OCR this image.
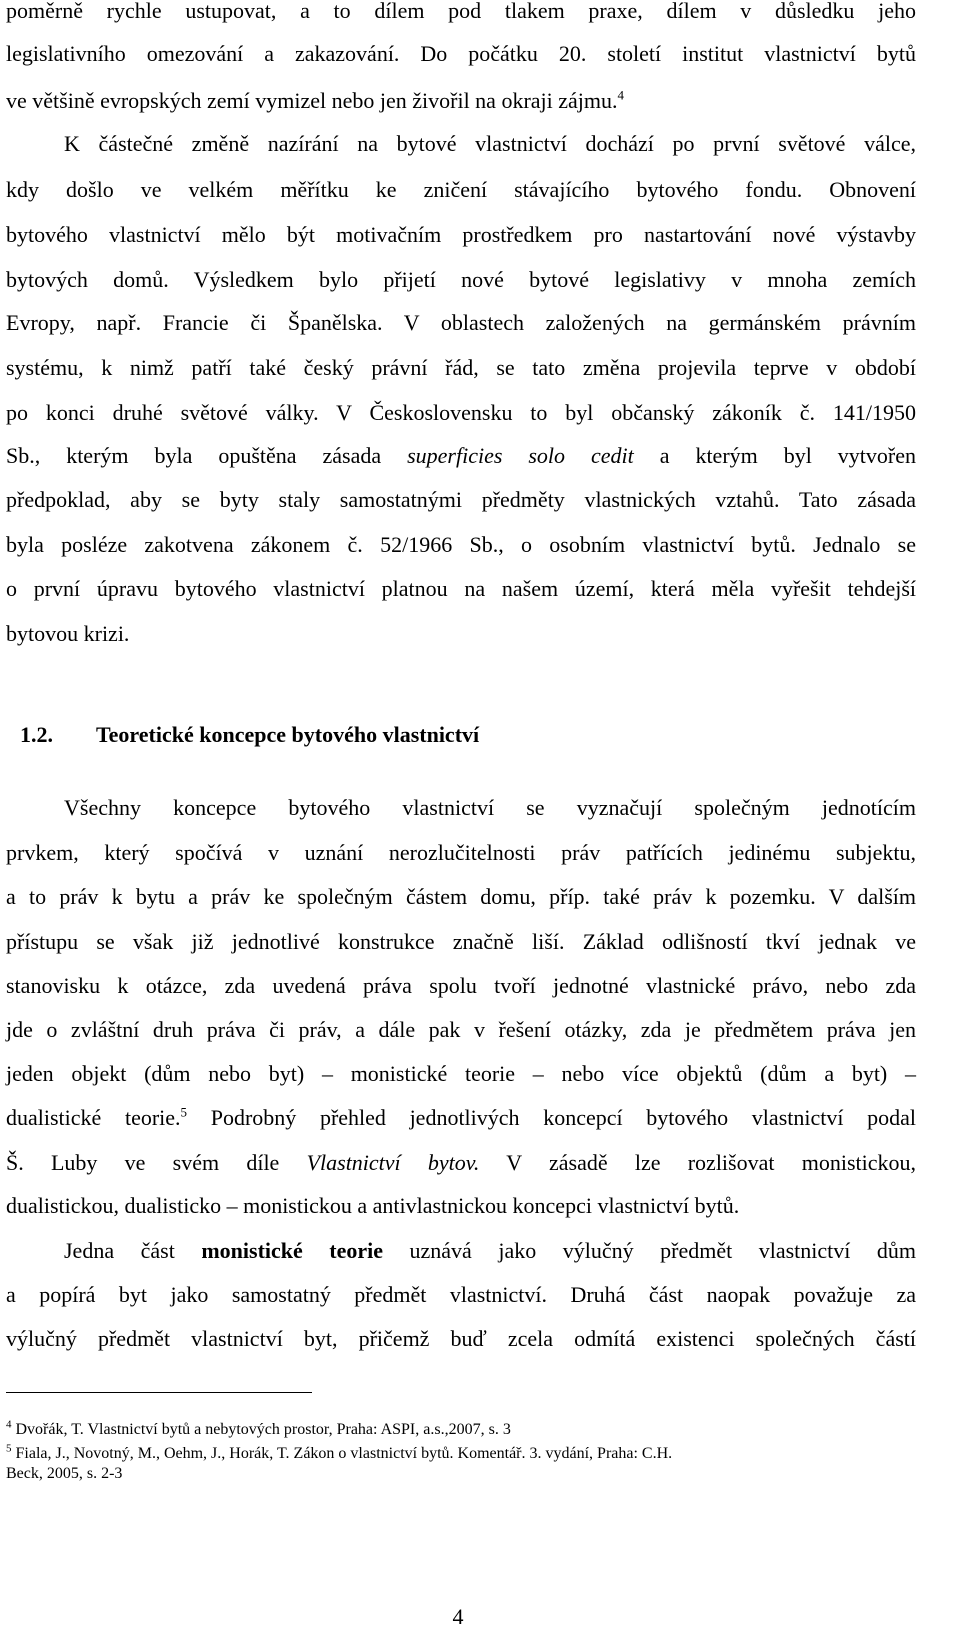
poměrně rychle ustupovat, a to dílem pod tlakem praxe, dílem v důsledku jeho

legislativního omezování a zakazování. Do počátku 20. století institut vlastnictví bytů

ve většině evropských zemí vymizel nebo jen živořil na okraji zájmu.$^4$

K částečné změně nazírání na bytové vlastnictví dochází po první světové válce,

kdy došlo ve velkém měřítku ke zničení stávajícího bytového fondu. Obnovení

bytového vlastnictví mělo být motivačním prostředkem pro nastartování nové výstavby

bytových domů. Výsledkem bylo přijetí nové bytové legislativy v mnoha zemích

Evropy, např. Francie či Španělska. V oblastech založených na germánském právním

systému, k nimž patří také český právní řád, se tato změna projevila teprve v období

po konci druhé světové války. V Československu to byl občanský zákoník č. 141/1950

Sb., kterým byla opuštěna zásada superficies solo cedit a kterým byl vytvořen

předpoklad, aby se byty staly samostatnými předměty vlastnických vztahů. Tato zásada

byla posléze zakotvena zákonem č. 52/1966 Sb., o osobním vlastnictví bytů. Jednalo se

o první úpravu bytového vlastnictví platnou na našem území, která měla vyřešit tehdejší

bytovou krizi.

1.2. Teoretické koncepce bytového vlastnictví

Všechny koncepce bytového vlastnictví se vyznačují společným jednotícím

prvkem, který spočívá v uznání nerozlučitelnosti práv patřících jedinému subjektu,

a to práv k bytu a práv ke společným částem domu, příp. také práv k pozemku. V dalším

přístupu se však již jednotlivé konstrukce značně liší. Základ odlišností tkví jednak ve

stanovisku k otázce, zda uvedená práva spolu tvoří jednotné vlastnické právo, nebo zda

jde o zvláštní druh práva či práv, a dále pak v řešení otázky, zda je předmětem práva jen

jeden objekt (dům nebo byt) – monistické teorie – nebo více objektů (dům a byt) –

dualistické teorie.$^5$ Podrobný přehled jednotlivých koncepcí bytového vlastnictví podal

Š. Luby ve svém díle Vlastnictví bytov. V zásadě lze rozlišovat monistickou,

dualistickou, dualisticko – monistickou a antivlastnickou koncepci vlastnictví bytů.

Jedna část monistické teorie uznává jako výlučný předmět vlastnictví dům

a popírá byt jako samostatný předmět vlastnictví. Druhá část naopak považuje za

výlučný předmět vlastnictví byt, přičemž buď zcela odmítá existenci společných částí

$^4$ Dvořák, T. Vlastnictví bytů a nebytových prostor, Praha: ASPI, a.s.,2007, s. 3
$^5$ Fiala, J., Novotný, M., Oehm, J., Horák, T. Zákon o vlastnictví bytů. Komentář. 3. vydání, Praha: C.H.
Beck, 2005, s. 2-3
4
